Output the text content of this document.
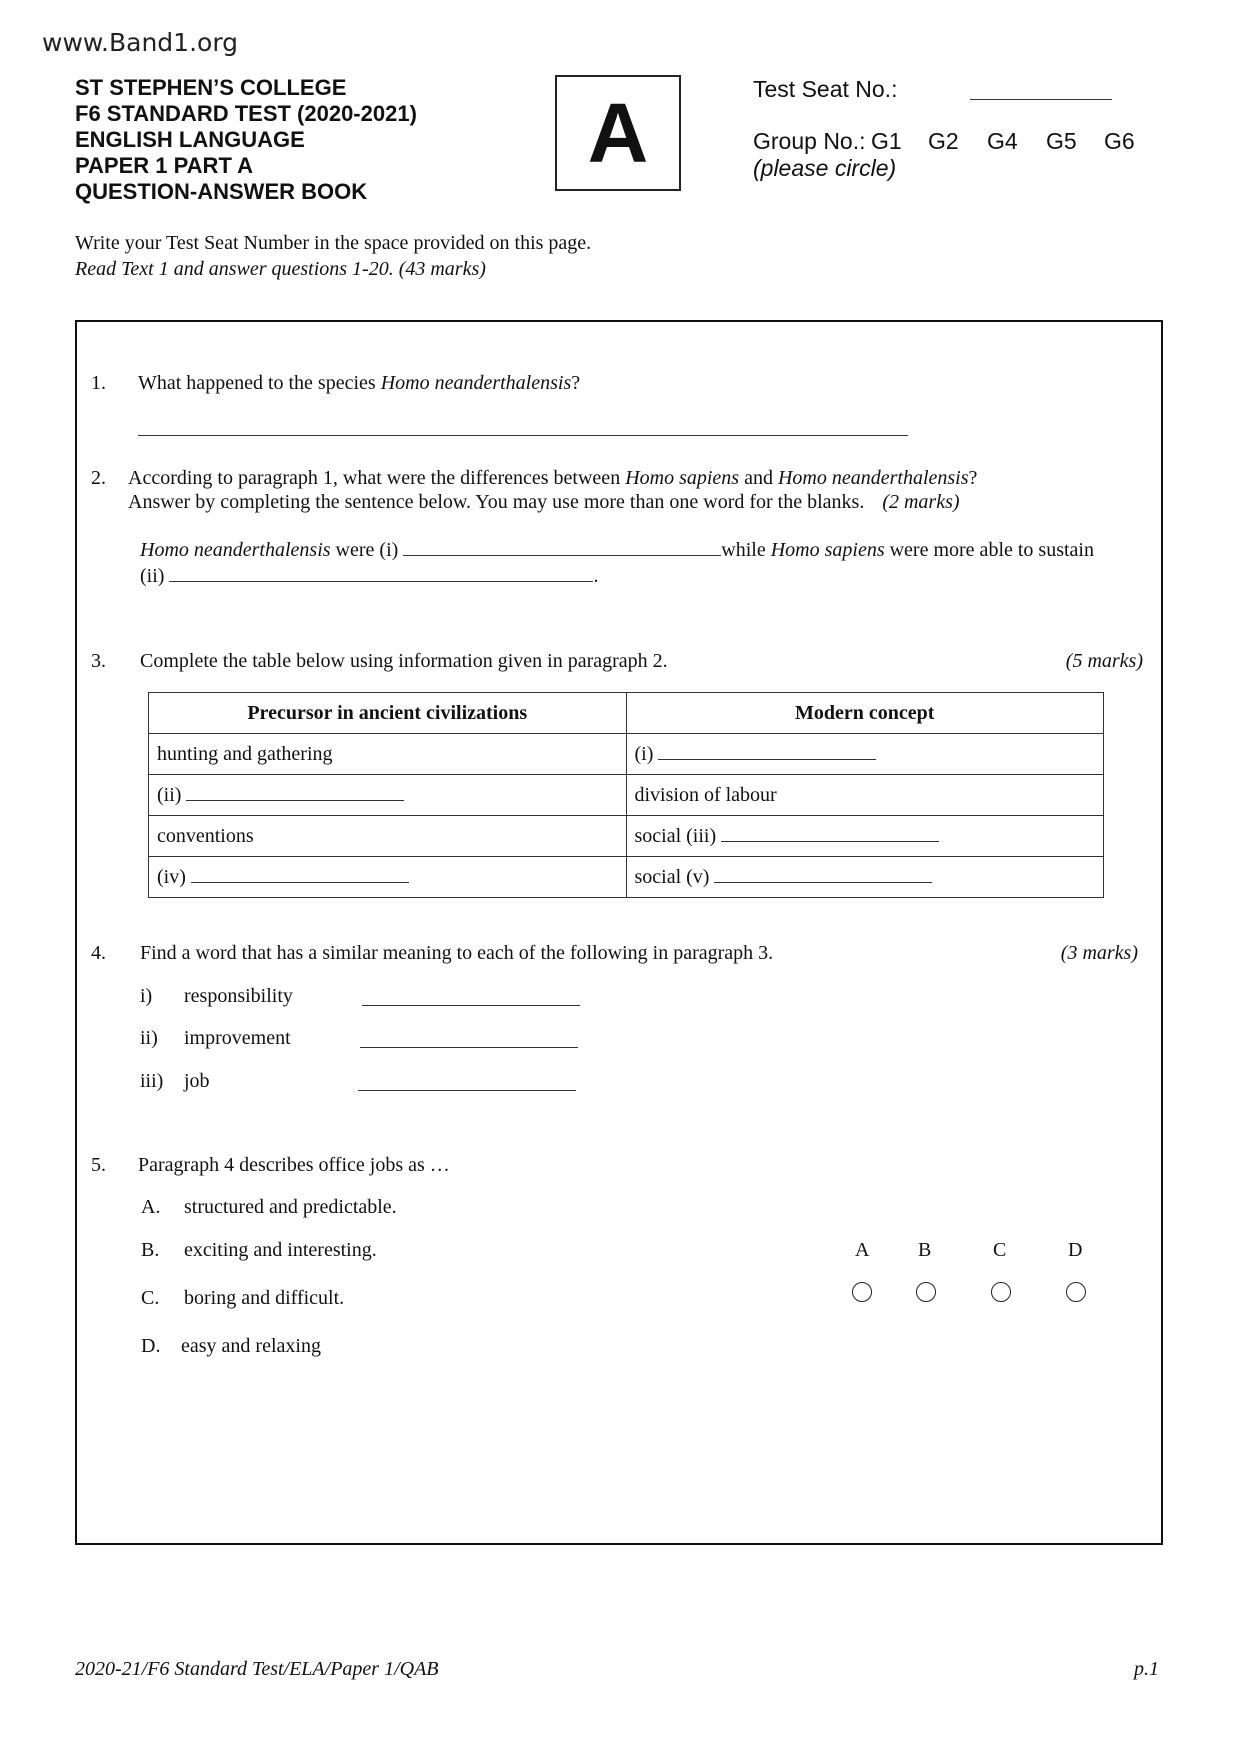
www.Band1.org
ST STEPHEN’S COLLEGE
F6 STANDARD TEST (2020-2021)
ENGLISH LANGUAGE
PAPER 1 PART A
QUESTION-ANSWER BOOK
A	Test Seat No.:
Group No.: G1 G2 G4 G5 G6
(please circle)
Write your Test Seat Number in the space provided on this page.
Read Text 1 and answer questions 1-20. (43 marks)
1. What happened to the species Homo neanderthalensis?
2. According to paragraph 1, what were the differences between Homo sapiens and Homo neanderthalensis?
Answer by completing the sentence below. You may use more than one word for the blanks. (2 marks)
Homo neanderthalensis were (i)	while Homo sapiens were more able to sustain
(ii)	.
3. Complete the table below using information given in paragraph 2.	(5 marks)
Precursor in ancient civilizations	Modern concept
hunting and gathering	(i)
(ii)	division of labour
conventions	social (iii)
(iv)	social (v)
4. Find a word that has a similar meaning to each of the following in paragraph 3.	(3 marks)
i) responsibility
ii) improvement
iii) job
5. Paragraph 4 describes office jobs as …
A. structured and predictable.
B. exciting and interesting.
C. boring and difficult.
D. easy and relaxing
A B	C	D
2020-21/F6 Standard Test/ELA/Paper 1/QAB	p.1
